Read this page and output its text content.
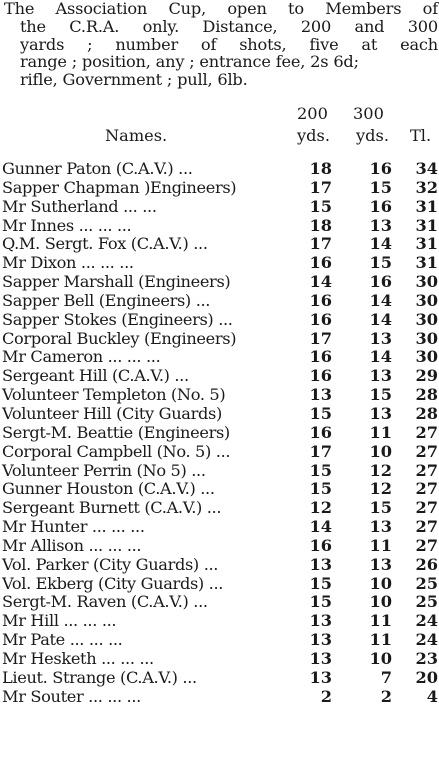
The Association Cup, open to Members of
the C.R.A. only. Distance, 200 and 300
yards ; number of shots, five at each
range ; position, any ; entrance fee, 2s 6d;
rifle, Government ; pull, 6lb.
200 300
Names.	yds. yds. Tl.
Gunner Paton (C.A.V.) ...	18	16	34
Sapper Chapman )Engineers)	17	15	32
Mr Sutherland ... ...	15	16	31
Mr Innes ... ... ...	18	13	31
Q.M. Sergt. Fox (C.A.V.) ...	17	14	31
Mr Dixon ... ... ...	16	15	31
Sapper Marshall (Engineers)	14	16	30
Sapper Bell (Engineers) ...	16	14	30
Sapper Stokes (Engineers) ...	16	14	30
Corporal Buckley (Engineers)	17	13	30
Mr Cameron ... ... ...	16	14	30
Sergeant Hill (C.A.V.) ...	16	13	29
Volunteer Templeton (No. 5)	13	15	28
Volunteer Hill (City Guards)	15	13	28
Sergt-M. Beattie (Engineers)	16	11	27
Corporal Campbell (No. 5) ...	17	10	27
Volunteer Perrin (No 5) ...	15	12	27
Gunner Houston (C.A.V.) ...	15	12	27
Sergeant Burnett (C.A.V.) ...	12	15	27
Mr Hunter ... ... ...	14	13	27
Mr Allison ... ... ...	16	11	27
Vol. Parker (City Guards) ...	13	13	26
Vol. Ekberg (City Guards) ...	15	10	25
Sergt-M. Raven (C.A.V.) ...	15	10	25
Mr Hill ... ... ...	13	11	24
Mr Pate ... ... ...	13	11	24
Mr Hesketh ... ... ...	13	10	23
Lieut. Strange (C.A.V.) ...	13	7	20
Mr Souter ... ... ...	2	2	4
